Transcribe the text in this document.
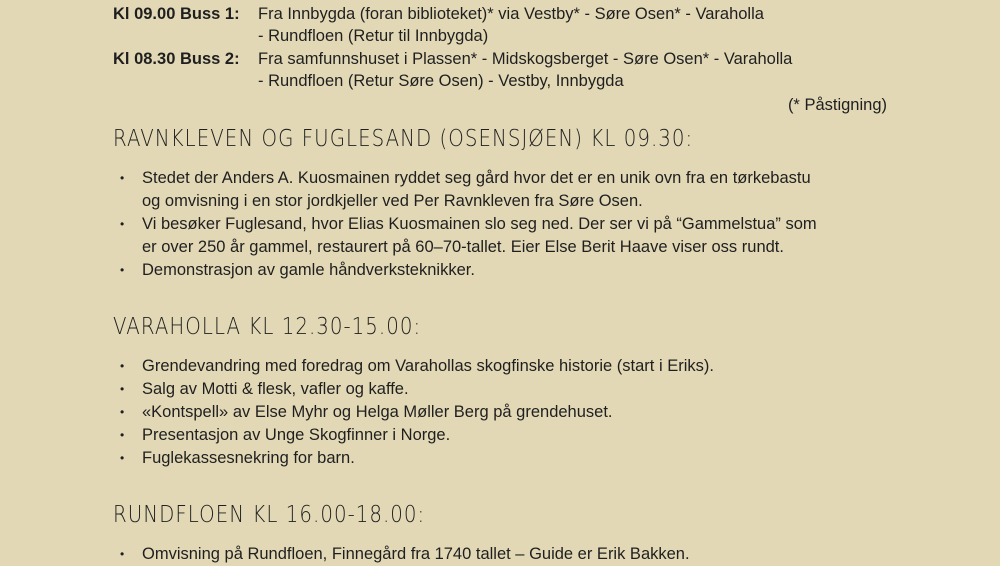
Kl 09.00 Buss 1:	Fra Innbygda (foran biblioteket)* via Vestby* - Søre Osen* - Varaholla
- Rundfloen (Retur til Innbygda)
Kl 08.30 Buss 2:	Fra samfunnshuset i Plassen* - Midskogsberget - Søre Osen* - Varaholla
- Rundfloen (Retur Søre Osen) - Vestby, Innbygda
(* Påstigning)
RAVNKLEVEN OG FUGLESAND (OSENSJØEN) KL 09.30:
• Stedet der Anders A. Kuosmainen ryddet seg gård hvor det er en unik ovn fra en tørkebastu
og omvisning i en stor jordkjeller ved Per Ravnkleven fra Søre Osen.
• Vi besøker Fuglesand, hvor Elias Kuosmainen slo seg ned. Der ser vi på “Gammelstua” som
er over 250 år gammel, restaurert på 60–70-tallet. Eier Else Berit Haave viser oss rundt.
• Demonstrasjon av gamle håndverksteknikker.
VARAHOLLA KL 12.30-15.00:
• Grendevandring med foredrag om Varahollas skogfinske historie (start i Eriks).
• Salg av Motti & flesk, vafler og kaffe.
• «Kontspell» av Else Myhr og Helga Møller Berg på grendehuset.
• Presentasjon av Unge Skogfinner i Norge.
• Fuglekassesnekring for barn.
RUNDFLOEN KL 16.00-18.00:
• Omvisning på Rundfloen, Finnegård fra 1740 tallet – Guide er Erik Bakken.
